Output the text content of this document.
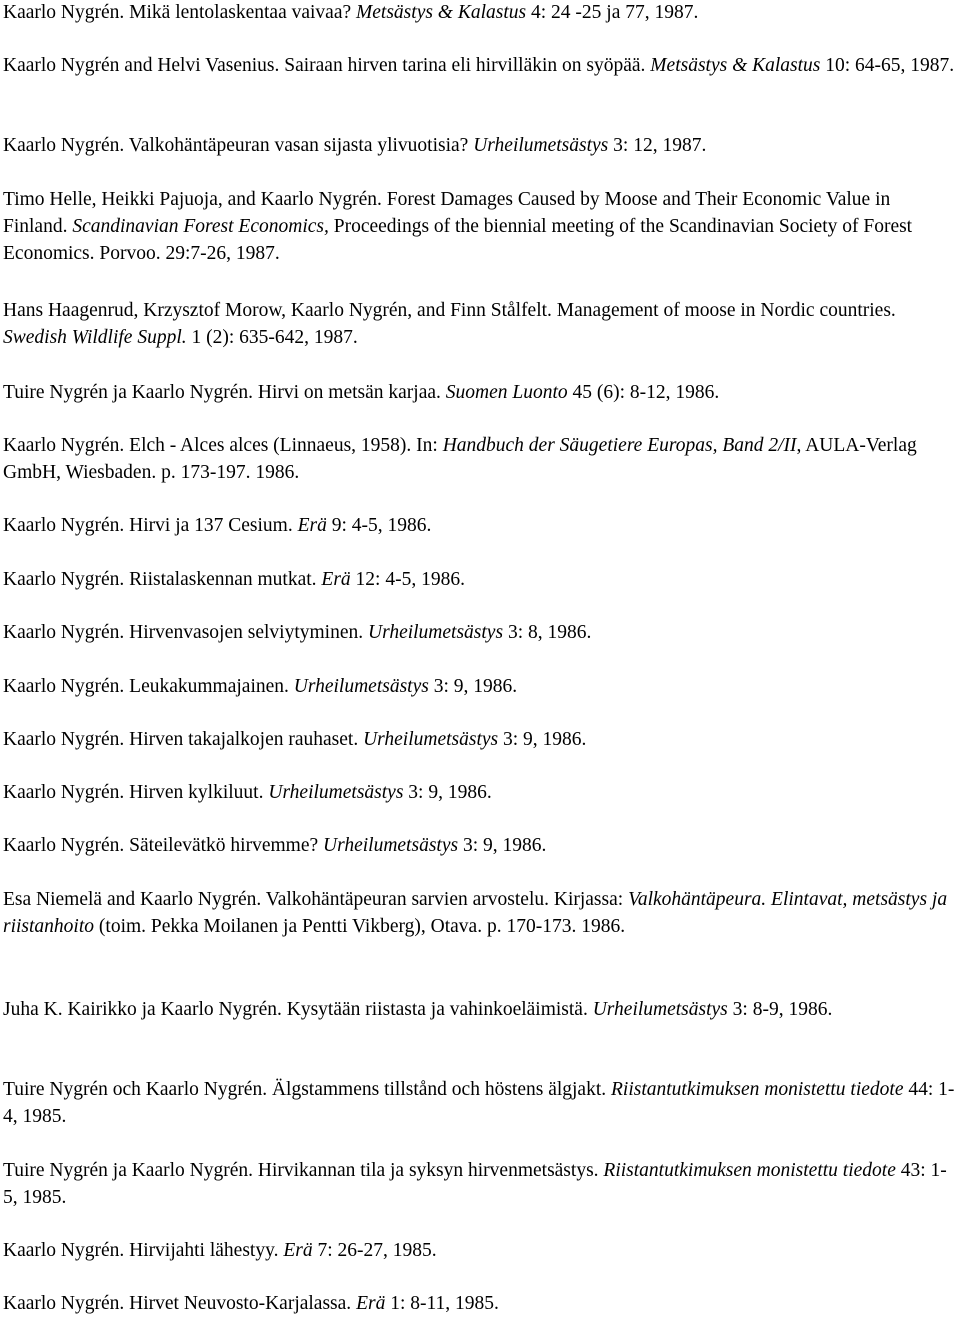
Kaarlo Nygrén. Mikä lentolaskentaa vaivaa? Metsästys & Kalastus 4: 24 -25 ja 77, 1987.

Kaarlo Nygrén and Helvi Vasenius. Sairaan hirven tarina eli hirvilläkin on syöpää. Metsästys & Kalastus 10: 64-65, 1987.

Kaarlo Nygrén. Valkohäntäpeuran vasan sijasta ylivuotisia? Urheilumetsästys 3: 12, 1987.

Timo Helle, Heikki Pajuoja, and Kaarlo Nygrén. Forest Damages Caused by Moose and Their Economic Value in Finland. Scandinavian Forest Economics, Proceedings of the biennial meeting of the Scandinavian Society of Forest Economics. Porvoo. 29:7-26, 1987.

Hans Haagenrud, Krzysztof Morow, Kaarlo Nygrén, and Finn Stålfelt. Management of moose in Nordic countries. Swedish Wildlife Suppl. 1 (2): 635-642, 1987.

Tuire Nygrén ja Kaarlo Nygrén. Hirvi on metsän karjaa. Suomen Luonto 45 (6): 8-12, 1986.

Kaarlo Nygrén. Elch - Alces alces (Linnaeus, 1958). In: Handbuch der Säugetiere Europas, Band 2/II, AULA-Verlag GmbH, Wiesbaden. p. 173-197. 1986.

Kaarlo Nygrén. Hirvi ja 137 Cesium. Erä 9: 4-5, 1986.

Kaarlo Nygrén. Riistalaskennan mutkat. Erä 12: 4-5, 1986.

Kaarlo Nygrén. Hirvenvasojen selviytyminen. Urheilumetsästys 3: 8, 1986.

Kaarlo Nygrén. Leukakummajainen. Urheilumetsästys 3: 9, 1986.

Kaarlo Nygrén. Hirven takajalkojen rauhaset. Urheilumetsästys 3: 9, 1986.

Kaarlo Nygrén. Hirven kylkiluut. Urheilumetsästys 3: 9, 1986.

Kaarlo Nygrén. Säteilevätkö hirvemme? Urheilumetsästys 3: 9, 1986.

Esa Niemelä and Kaarlo Nygrén. Valkohäntäpeuran sarvien arvostelu. Kirjassa: Valkohäntäpeura. Elintavat, metsästys ja riistanhoito (toim. Pekka Moilanen ja Pentti Vikberg), Otava. p. 170-173. 1986.

Juha K. Kairikko ja Kaarlo Nygrén. Kysytään riistasta ja vahinkoeläimistä. Urheilumetsästys 3: 8-9, 1986.

Tuire Nygrén och Kaarlo Nygrén. Älgstammens tillstånd och höstens älgjakt. Riistantutkimuksen monistettu tiedote 44: 1-4, 1985.

Tuire Nygrén ja Kaarlo Nygrén. Hirvikannan tila ja syksyn hirvenmetsästys. Riistantutkimuksen monistettu tiedote 43: 1-5, 1985.

Kaarlo Nygrén. Hirvijahti lähestyy. Erä 7: 26-27, 1985.

Kaarlo Nygrén. Hirvet Neuvosto-Karjalassa. Erä 1: 8-11, 1985.
